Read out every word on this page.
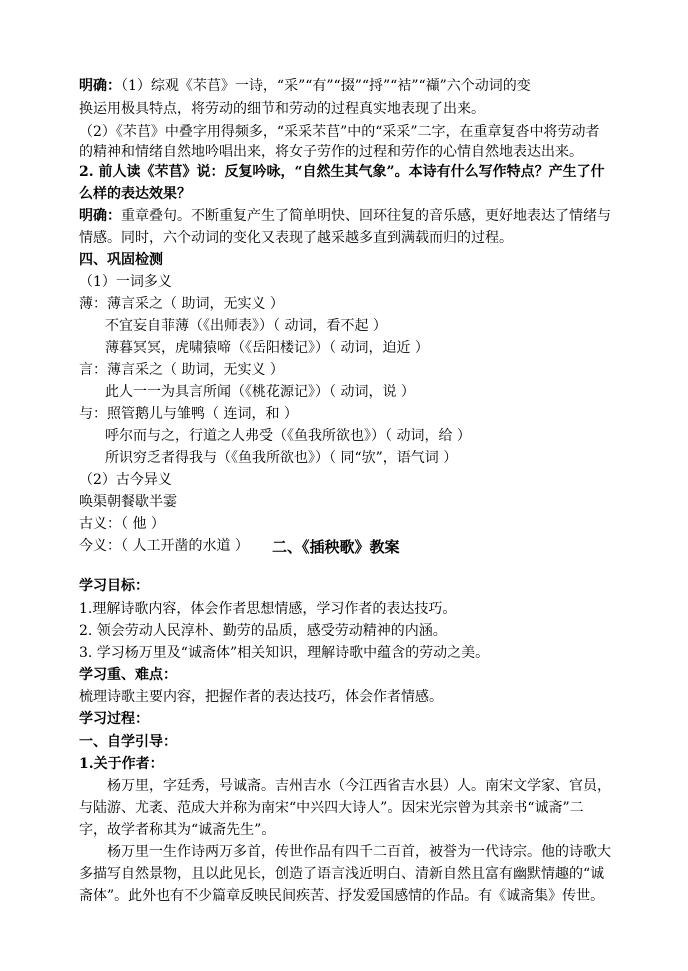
明确：（1）综观《芣苢》一诗，“采”“有”“掇”“捋”“袺”“襭”六个动词的变
换运用极具特点，将劳动的细节和劳动的过程真实地表现了出来。
（2）《芣苢》中叠字用得频多，“采采芣苢”中的“采采”二字，在重章复沓中将劳动者
的精神和情绪自然地吟唱出来，将女子劳作的过程和劳作的心情自然地表达出来。
2. 前人读《芣苢》说：反复吟咏，“自然生其气象”。本诗有什么写作特点？产生了什
么样的表达效果？
明确：重章叠句。不断重复产生了简单明快、回环往复的音乐感，更好地表达了情绪与
情感。同时，六个动词的变化又表现了越采越多直到满载而归的过程。
四、巩固检测
（1）一词多义
薄：薄言采之（ 助词，无实义 ）
不宜妄自菲薄（《出师表》）（ 动词，看不起 ）
薄暮冥冥，虎啸猿啼（《岳阳楼记》）（ 动词，迫近 ）
言：薄言采之（ 助词，无实义 ）
此人一一为具言所闻（《桃花源记》）（ 动词，说 ）
与：照管鹅儿与雏鸭（ 连词，和 ）
呼尔而与之，行道之人弗受（《鱼我所欲也》）（ 动词，给 ）
所识穷乏者得我与（《鱼我所欲也》）（ 同“欤”，语气词 ）
（2）古今异义
唤渠朝餐歇半霎
古义：（ 他 ）
今义：（ 人工开凿的水道 ） 二、《插秧歌》教案
学习目标：
1.理解诗歌内容，体会作者思想情感，学习作者的表达技巧。
2. 领会劳动人民淳朴、勤劳的品质，感受劳动精神的内涵。
3. 学习杨万里及“诚斋体”相关知识，理解诗歌中蕴含的劳动之美。
学习重、难点：
梳理诗歌主要内容，把握作者的表达技巧，体会作者情感。
学习过程：
一、自学引导：
1.关于作者：
杨万里，字廷秀，号诚斋。吉州吉水（今江西省吉水县）人。南宋文学家、官员，
与陆游、尤袤、范成大并称为南宋“中兴四大诗人”。因宋光宗曾为其亲书“诚斋”二
字，故学者称其为“诚斋先生”。
杨万里一生作诗两万多首，传世作品有四千二百首，被誉为一代诗宗。他的诗歌大
多描写自然景物，且以此见长，创造了语言浅近明白、清新自然且富有幽默情趣的“诚
斋体”。此外也有不少篇章反映民间疾苦、抒发爱国感情的作品。有《诚斋集》传世。
